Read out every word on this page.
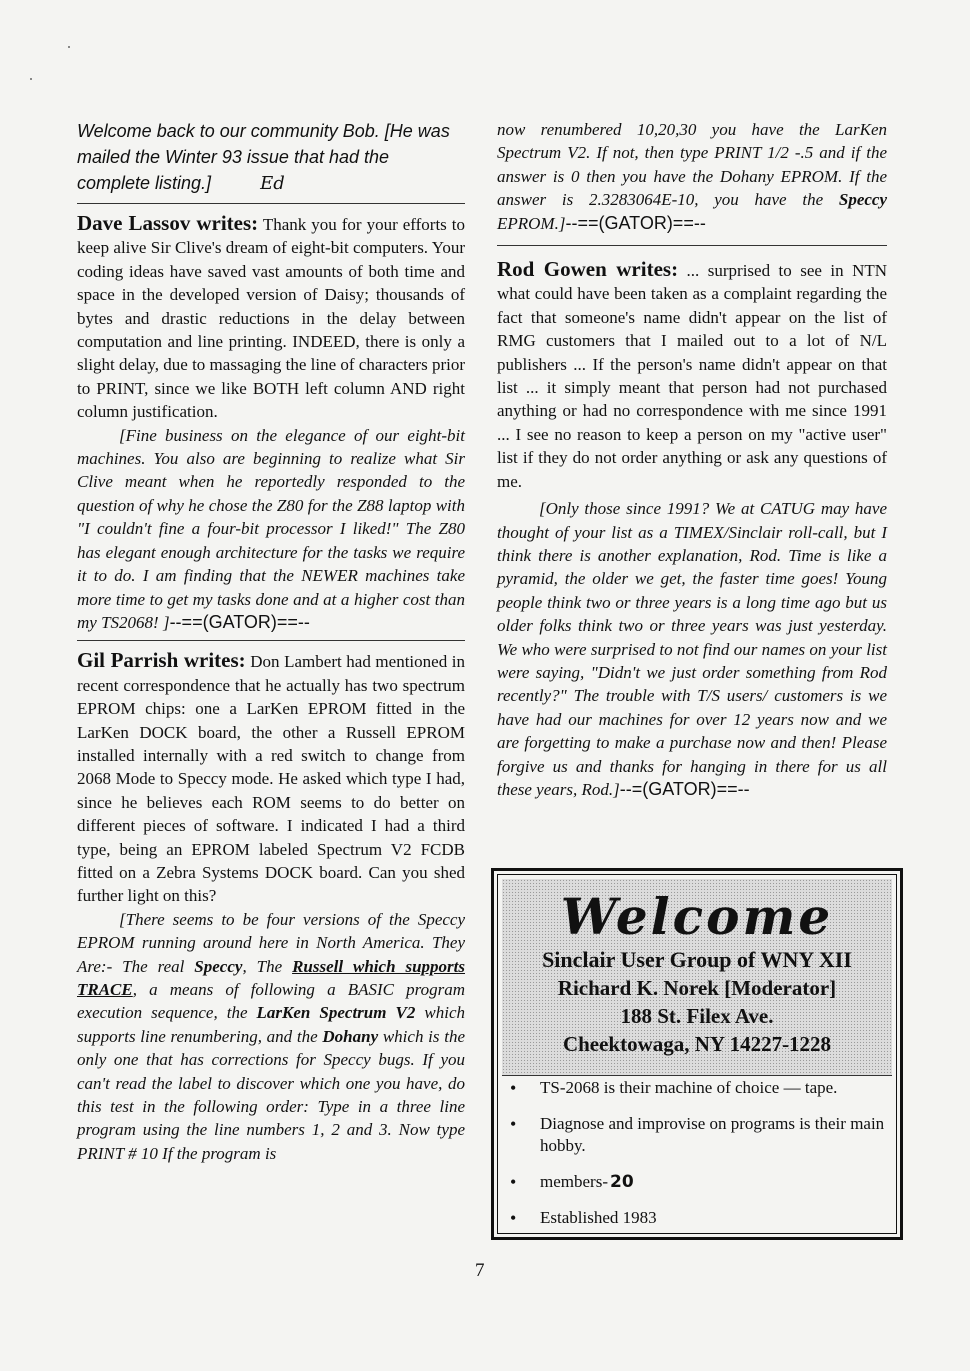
Welcome back to our community Bob. [He was mailed the Winter 93 issue that had the complete listing.]	Ed

Dave Lassov writes: Thank you for your efforts to keep alive Sir Clive's dream of eight-bit computers. Your coding ideas have saved vast amounts of both time and space in the developed version of Daisy; thousands of bytes and drastic reductions in the delay between computation and line printing. INDEED, there is only a slight delay, due to massaging the line of characters prior to PRINT, since we like BOTH left column AND right column justification.

[Fine business on the elegance of our eight-bit machines. You also are beginning to realize what Sir Clive meant when he reportedly responded to the question of why he chose the Z80 for the Z88 laptop with "I couldn't fine a four-bit processor I liked!" The Z80 has elegant enough architecture for the tasks we require it to do. I am finding that the NEWER machines take more time to get my tasks done and at a higher cost than my TS2068! ]--==(GATOR)==--

Gil Parrish writes: Don Lambert had mentioned in recent correspondence that he actually has two spectrum EPROM chips: one a LarKen EPROM fitted in the LarKen DOCK board, the other a Russell EPROM installed internally with a red switch to change from 2068 Mode to Speccy mode. He asked which type I had, since he believes each ROM seems to do better on different pieces of software. I indicated I had a third type, being an EPROM labeled Spectrum V2 FCDB fitted on a Zebra Systems DOCK board. Can you shed further light on this?

[There seems to be four versions of the Speccy EPROM running around here in North America. They Are:- The real Speccy, The Russell which supports TRACE, a means of following a BASIC program execution sequence, the LarKen Spectrum V2 which supports line renumbering, and the Dohany which is the only one that has corrections for Speccy bugs. If you can't read the label to discover which one you have, do this test in the following order: Type in a three line program using the line numbers 1, 2 and 3. Now type PRINT # 10 If the program is

now renumbered 10,20,30 you have the LarKen Spectrum V2. If not, then type PRINT 1/2 -.5 and if the answer is 0 then you have the Dohany EPROM. If the answer is 2.3283064E-10, you have the Speccy EPROM.]--==(GATOR)==--

Rod Gowen writes: ... surprised to see in NTN what could have been taken as a complaint regarding the fact that someone's name didn't appear on the list of RMG customers that I mailed out to a lot of N/L publishers ... If the person's name didn't appear on that list ... it simply meant that person had not purchased anything or had no correspondence with me since 1991 ... I see no reason to keep a person on my "active user" list if they do not order anything or ask any questions of me.

[Only those since 1991? We at CATUG may have thought of your list as a TIMEX/Sinclair roll-call, but I think there is another explanation, Rod. Time is like a pyramid, the older we get, the faster time goes! Young people think two or three years is a long time ago but us older folks think two or three years was just yesterday. We who were surprised to not find our names on your list were saying, "Didn't we just order something from Rod recently?" The trouble with T/S users/ customers is we have had our machines for over 12 years now and we are forgetting to make a purchase now and then! Please forgive us and thanks for hanging in there for us all these years, Rod.]--=(GATOR)==--

Welcome
Sinclair User Group of WNY XII
Richard K. Norek [Moderator]
188 St. Filex Ave.
Cheektowaga, NY 14227-1228
• TS-2068 is their machine of choice — tape.
• Diagnose and improvise on programs is their main hobby.
• members- 20
• Established 1983
7
